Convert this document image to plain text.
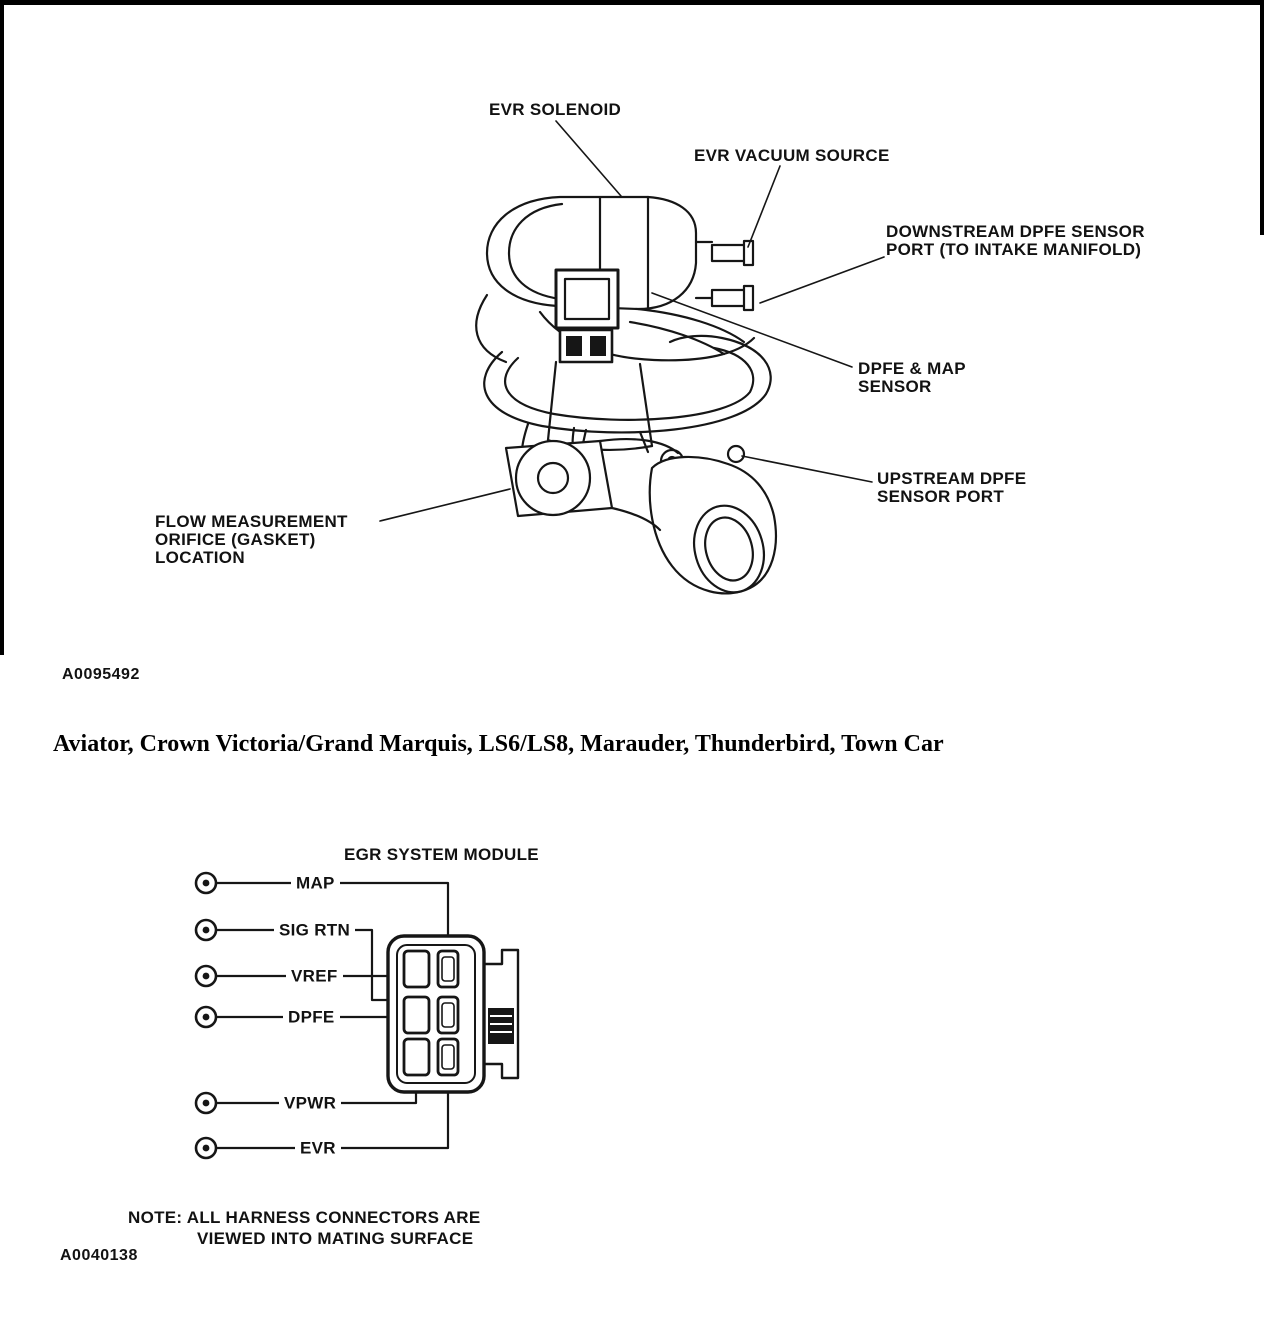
EVR SOLENOID
EVR VACUUM SOURCE
DOWNSTREAM DPFE SENSOR
PORT (TO INTAKE MANIFOLD)
DPFE & MAP
SENSOR
UPSTREAM DPFE
SENSOR PORT
FLOW MEASUREMENT
ORIFICE (GASKET)
LOCATION
A0095492
Aviator, Crown Victoria/Grand Marquis, LS6/LS8, Marauder, Thunderbird, Town Car
EGR SYSTEM MODULE
MAP
SIG RTN
VREF
DPFE
VPWR
EVR
NOTE: ALL HARNESS CONNECTORS ARE
VIEWED INTO MATING SURFACE
A0040138
